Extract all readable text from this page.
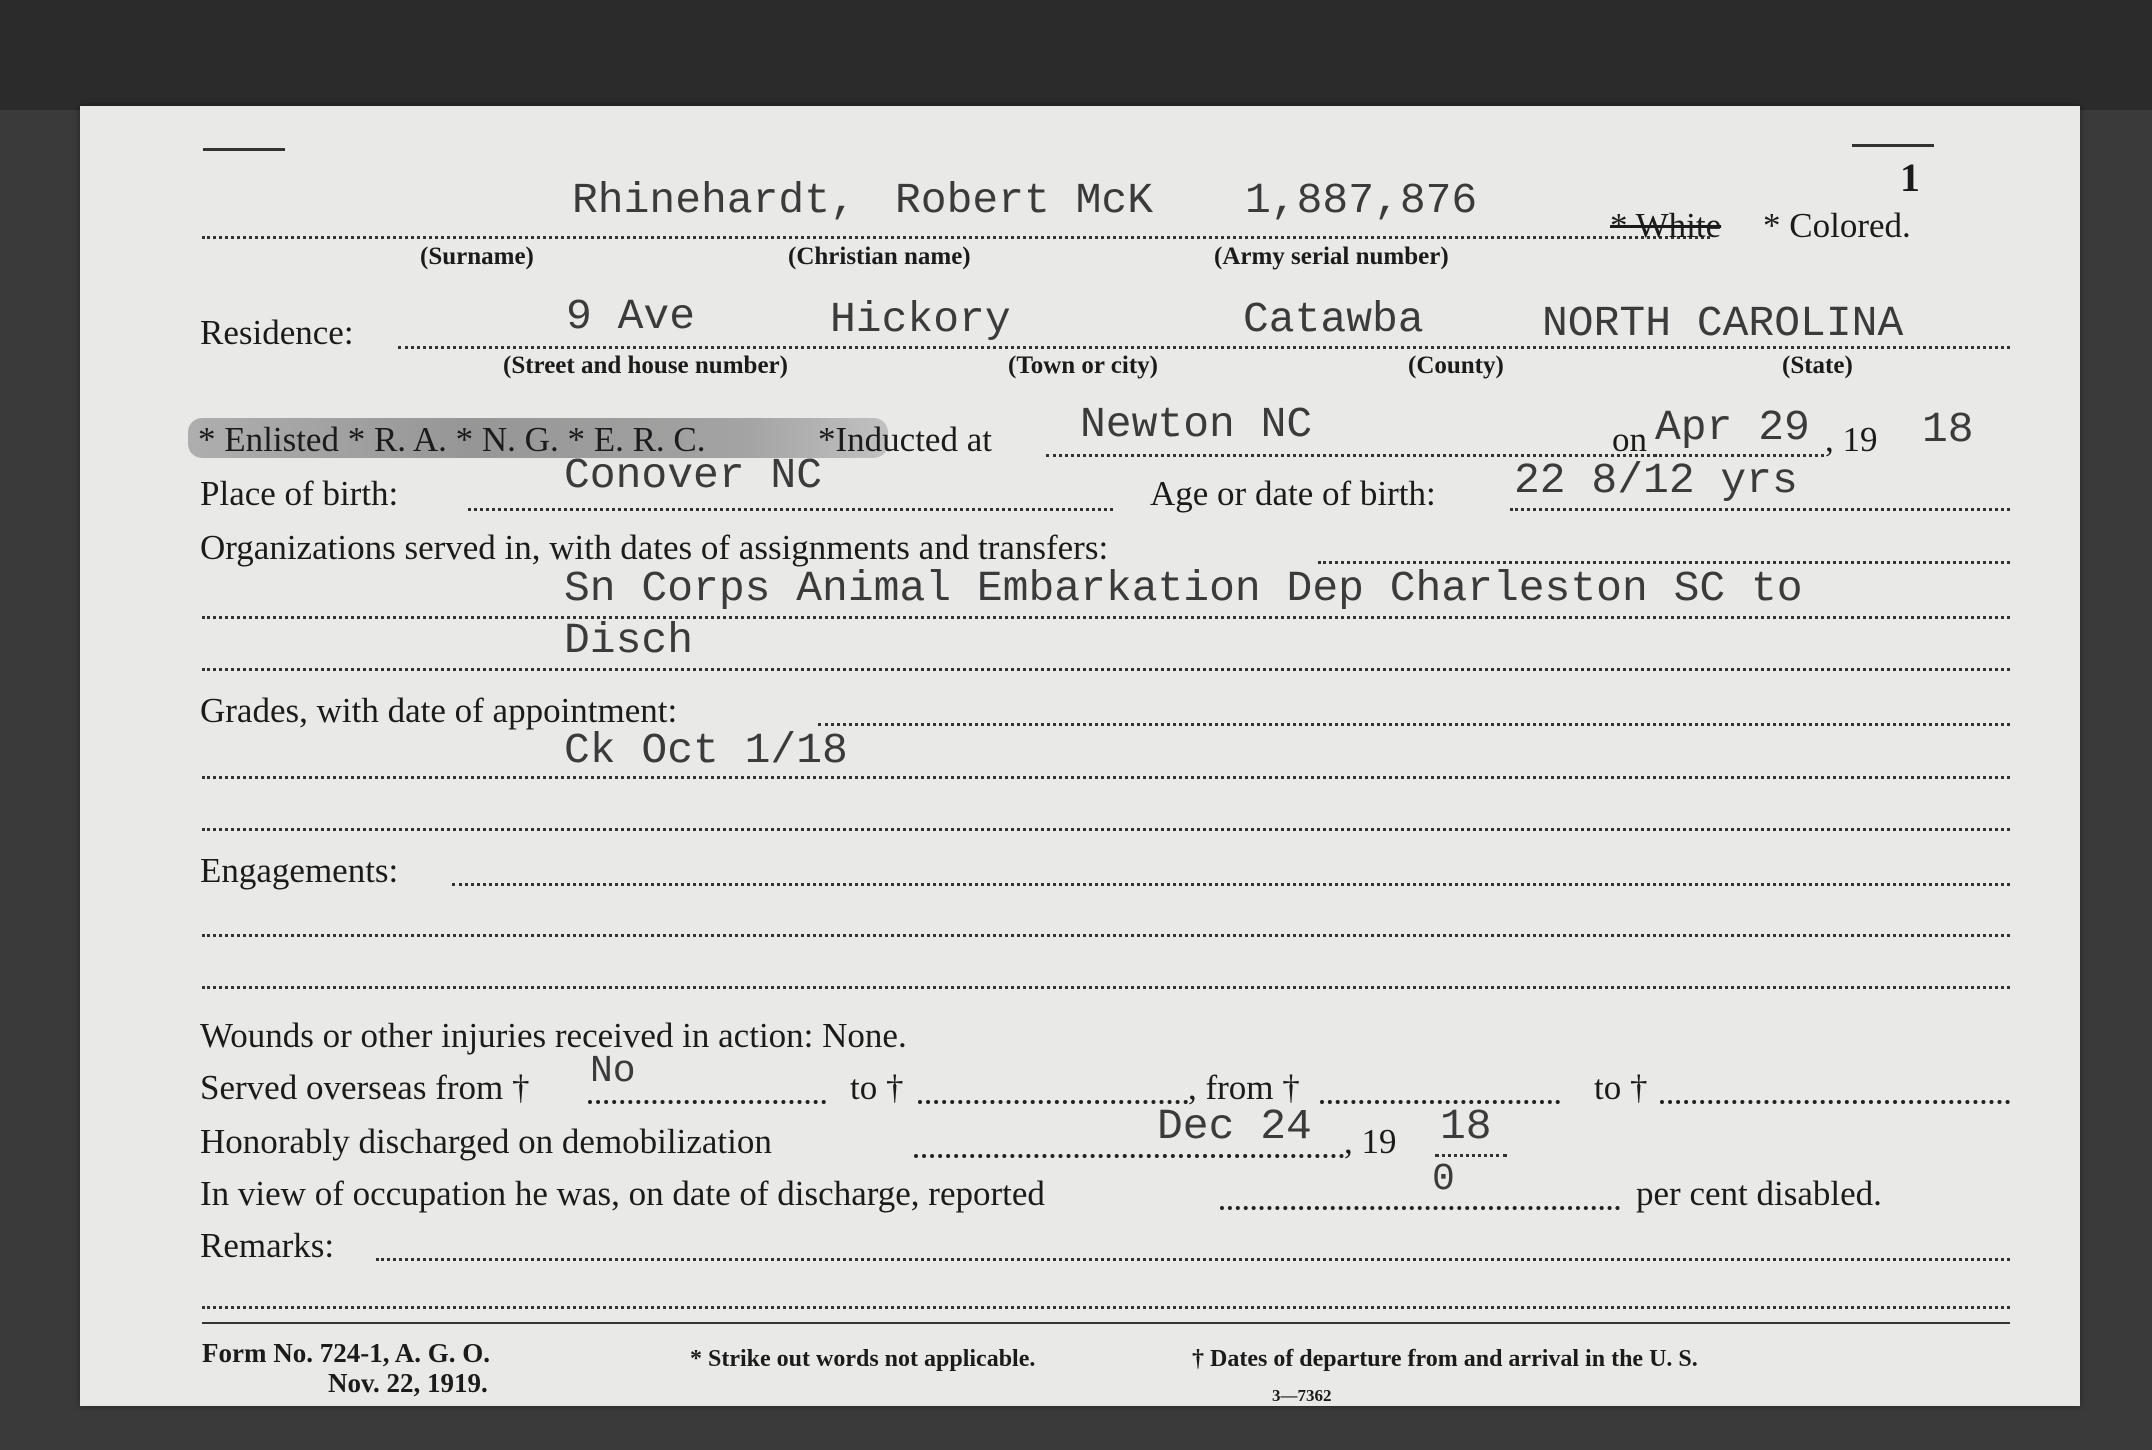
1
Rhinehardt, Robert McK 1,887,876
* White * Colored.
(Surname)	(Christian name)	(Army serial number)
Residence:	9 Ave	Hickory	Catawba	NORTH CAROLINA
(Street and house number)	(Town or city)	(County)	(State)
* Enlisted * R. A. * N. G. * E. R. C.	*Inducted at Newton NC	on Apr 29 , 19 18
Place of birth:	Conover NC	Age or date of birth: 22 8/12 yrs
Organizations served in, with dates of assignments and transfers:
Sn Corps Animal Embarkation Dep Charleston SC to
Disch
Grades, with date of appointment:
Ck Oct 1/18
Engagements:
Wounds or other injuries received in action: None.
Served overseas from † No	to †	, from †	to †
Honorably discharged on demobilization	Dec 24 , 19 18
In view of occupation he was, on date of discharge, reported	0	per cent disabled.
Remarks:
Form No. 724-1, A. G. O.
Nov. 22, 1919.
* Strike out words not applicable.	† Dates of departure from and arrival in the U. S.
3—7362
